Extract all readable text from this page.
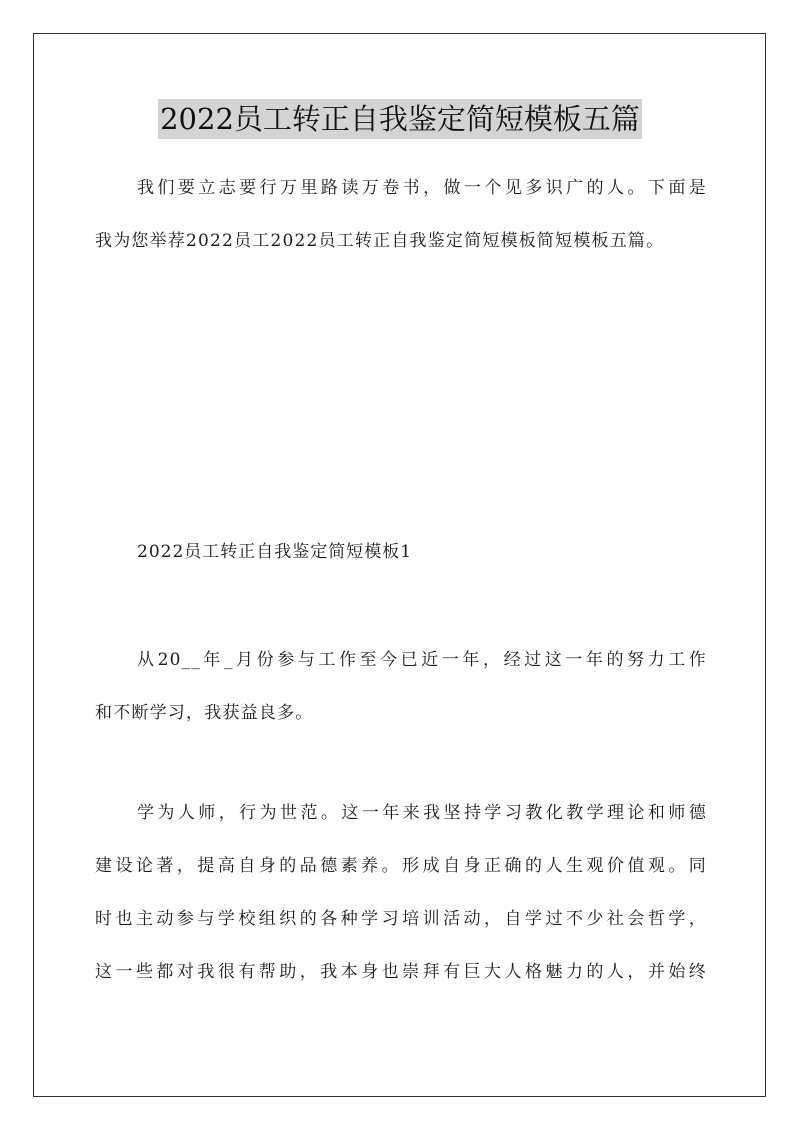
2022员工转正自我鉴定简短模板五篇
我们要立志要行万里路读万卷书，做一个见多识广的人。下面是
我为您举荐2022员工2022员工转正自我鉴定简短模板简短模板五篇。

2022员工转正自我鉴定简短模板1

从20__年_月份参与工作至今已近一年，经过这一年的努力工作
和不断学习，我获益良多。
学为人师，行为世范。这一年来我坚持学习教化教学理论和师德
建设论著，提高自身的品德素养。形成自身正确的人生观价值观。同
时也主动参与学校组织的各种学习培训活动，自学过不少社会哲学，
这一些都对我很有帮助，我本身也崇拜有巨大人格魅力的人，并始终
